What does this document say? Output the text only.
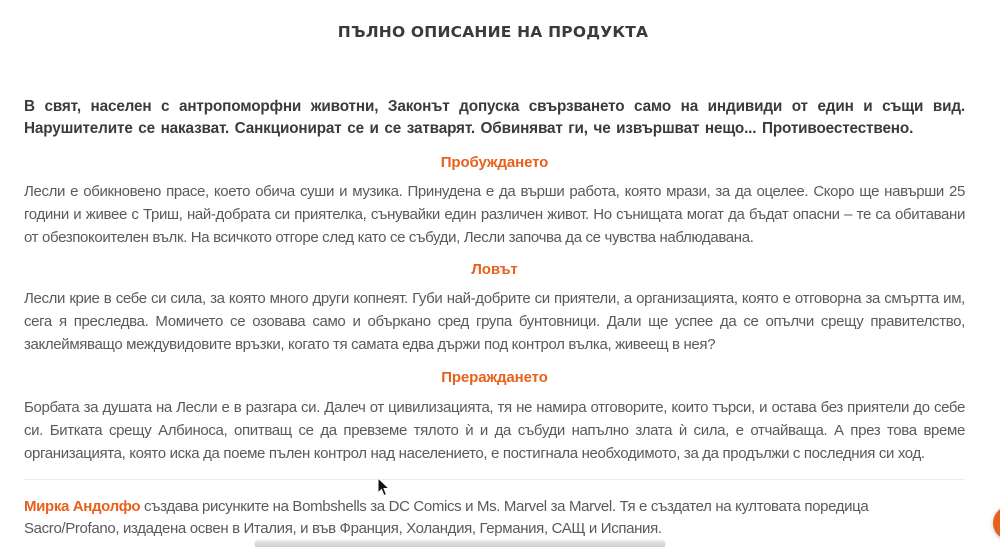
ПЪЛНО ОПИСАНИЕ НА ПРОДУКТА

В свят, населен с антропоморфни животни, Законът допуска свързването само на индивиди от един и същи вид. Нарушителите се наказват. Санкционират се и се затварят. Обвиняват ги, че извършват нещо... Противоестествено.

Пробуждането

Лесли е обикновено прасе, което обича суши и музика. Принудена е да върши работа, която мрази, за да оцелее. Скоро ще навърши 25 години и живее с Триш, най-добрата си приятелка, сънувайки един различен живот. Но сънищата могат да бъдат опасни – те са обитавани от обезпокоителен вълк. На всичкото отгоре след като се събуди, Лесли започва да се чувства наблюдавана.

Ловът

Лесли крие в себе си сила, за която много други копнеят. Губи най-добрите си приятели, а организацията, която е отговорна за смъртта им, сега я преследва. Момичето се озовава само и объркано сред група бунтовници. Дали ще успее да се опълчи срещу правителство, заклеймяващо междувидовите връзки, когато тя самата едва държи под контрол вълка, живеещ в нея?

Прераждането

Борбата за душата на Лесли е в разгара си. Далеч от цивилизацията, тя не намира отговорите, които търси, и остава без приятели до себе си. Битката срещу Албиноса, опитващ се да превземе тялото ѝ и да събуди напълно злата ѝ сила, е отчайваща. А през това време организацията, която иска да поеме пълен контрол над населението, е постигнала необходимото, за да продължи с последния си ход.

Мирка Андолфо създава рисунките на Bombshells за DC Comics и Ms. Marvel за Marvel. Тя е създател на култовата поредица Sacro/Profano, издадена освен в Италия, и във Франция, Холандия, Германия, САЩ и Испания.
